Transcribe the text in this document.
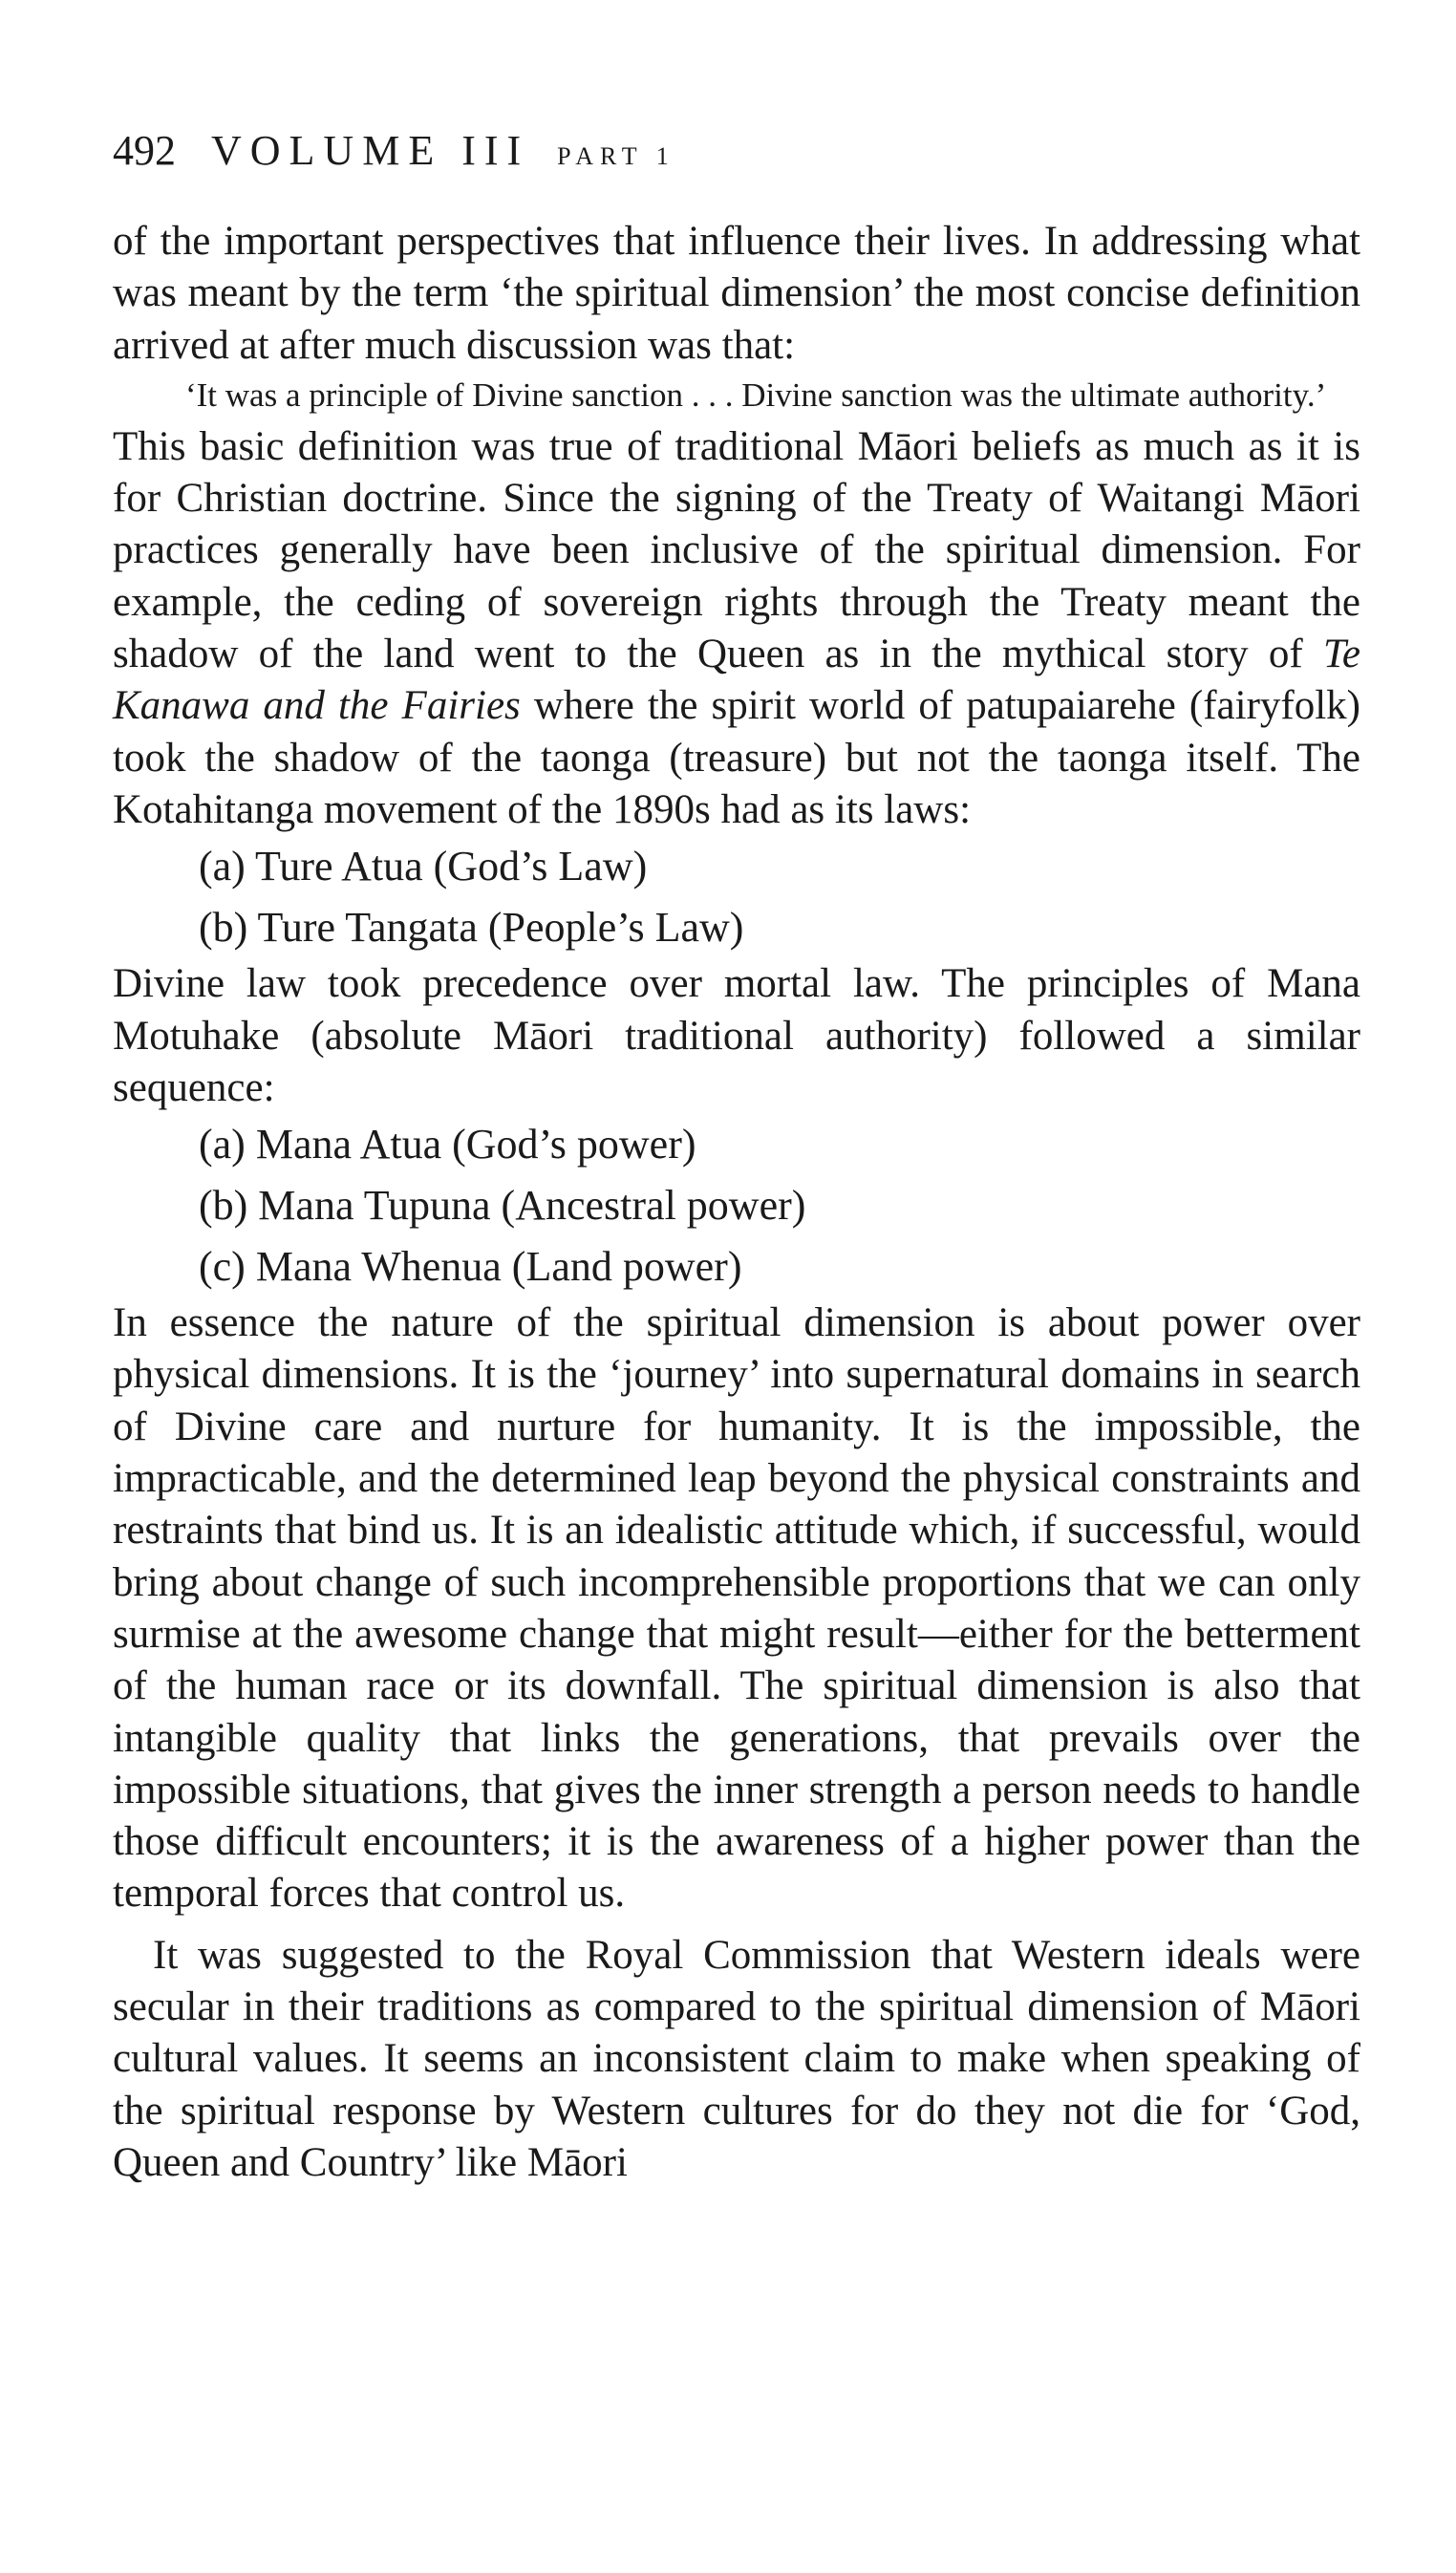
492 VOLUME III PART 1

of the important perspectives that influence their lives. In addressing what was meant by the term ‘the spiritual dimension’ the most concise definition arrived at after much discussion was that:

‘It was a principle of Divine sanction . . . Divine sanction was the ultimate authority.’

This basic definition was true of traditional Māori beliefs as much as it is for Christian doctrine. Since the signing of the Treaty of Waitangi Māori practices generally have been inclusive of the spiritual dimension. For example, the ceding of sovereign rights through the Treaty meant the shadow of the land went to the Queen as in the mythical story of Te Kanawa and the Fairies where the spirit world of patupaiarehe (fairyfolk) took the shadow of the taonga (treasure) but not the taonga itself. The Kotahitanga movement of the 1890s had as its laws:

(a) Ture Atua (God’s Law)
(b) Ture Tangata (People’s Law)

Divine law took precedence over mortal law. The principles of Mana Motuhake (absolute Māori traditional authority) followed a similar sequence:

(a) Mana Atua (God’s power)
(b) Mana Tupuna (Ancestral power)
(c) Mana Whenua (Land power)

In essence the nature of the spiritual dimension is about power over physical dimensions. It is the ‘journey’ into supernatural domains in search of Divine care and nurture for humanity. It is the impossible, the impracticable, and the determined leap beyond the physical constraints and restraints that bind us. It is an idealistic attitude which, if successful, would bring about change of such incomprehensible proportions that we can only surmise at the awesome change that might result—either for the betterment of the human race or its downfall. The spiritual dimension is also that intangible quality that links the generations, that prevails over the impossible situations, that gives the inner strength a person needs to handle those difficult encounters; it is the awareness of a higher power than the temporal forces that control us.

It was suggested to the Royal Commission that Western ideals were secular in their traditions as compared to the spiritual dimension of Māori cultural values. It seems an inconsistent claim to make when speaking of the spiritual response by Western cultures for do they not die for ‘God, Queen and Country’ like Māori
